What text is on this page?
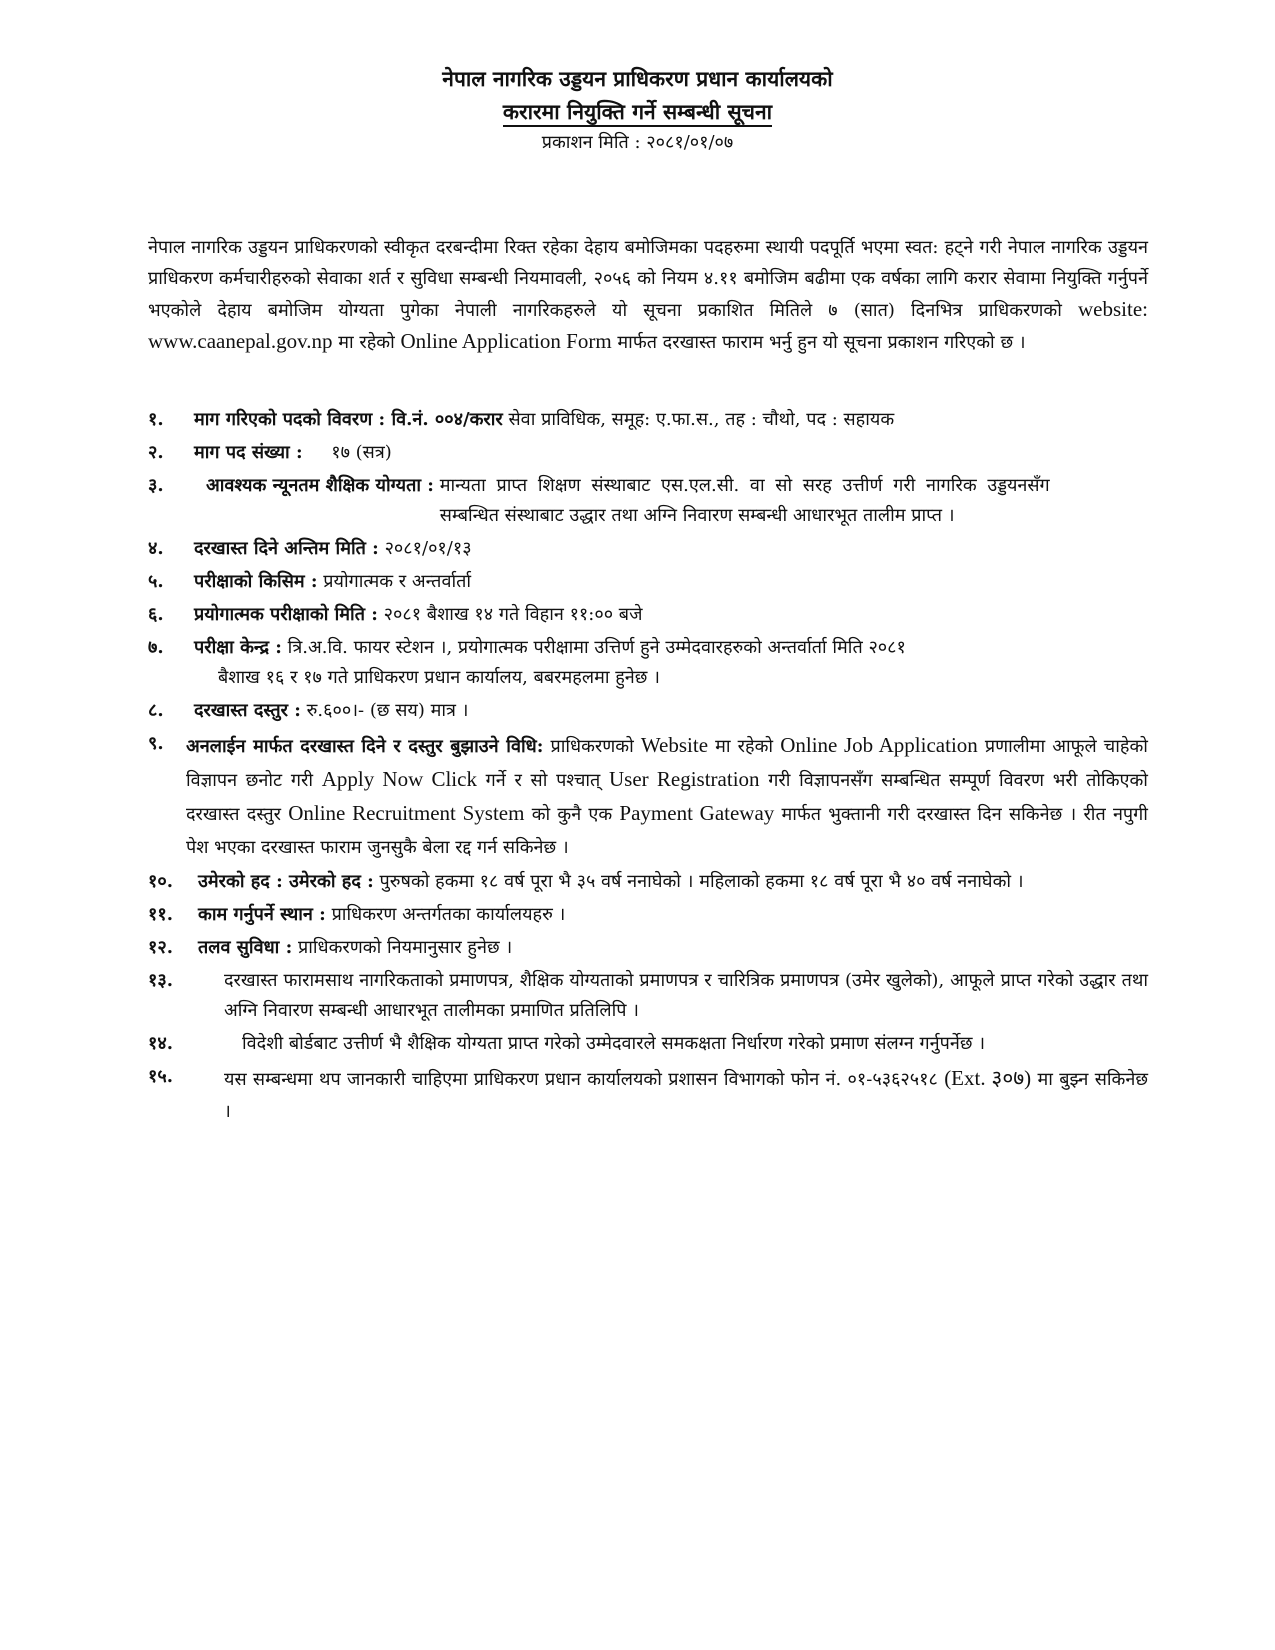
नेपाल नागरिक उड्डयन प्राधिकरण प्रधान कार्यालयको
करारमा नियुक्ति गर्ने सम्बन्धी सूचना
प्रकाशन मिति : २०८१/०१/०७
नेपाल नागरिक उड्डयन प्राधिकरणको स्वीकृत दरबन्दीमा रिक्त रहेका देहाय बमोजिमका पदहरुमा स्थायी पदपूर्ति भएमा स्वत: हट्ने गरी नेपाल नागरिक उड्डयन प्राधिकरण कर्मचारीहरुको सेवाका शर्त र सुविधा सम्बन्धी नियमावली, २०५६ को नियम ४.११ बमोजिम बढीमा एक वर्षका लागि करार सेवामा नियुक्ति गर्नुपर्ने भएकोले देहाय बमोजिम योग्यता पुगेका नेपाली नागरिकहरुले यो सूचना प्रकाशित मितिले ७ (सात) दिनभित्र प्राधिकरणको website: www.caanepal.gov.np मा रहेको Online Application Form मार्फत दरखास्त फाराम भर्नु हुन यो सूचना प्रकाशन गरिएको छ ।
१.	माग गरिएको पदको विवरण : वि.नं. ००४/करार सेवा प्राविधिक, समूह: ए.फा.स., तह : चौथो, पद : सहायक
२.	माग पद संख्या : १७ (सत्र)
३.	आवश्यक न्यूनतम शैक्षिक योग्यता : मान्यता प्राप्त शिक्षण संस्थाबाट एस.एल.सी. वा सो सरह उत्तीर्ण गरी नागरिक उड्डयनसँग सम्बन्धित संस्थाबाट उद्धार तथा अग्नि निवारण सम्बन्धी आधारभूत तालीम प्राप्त ।
४.	दरखास्त दिने अन्तिम मिति : २०८१/०१/१३
५.	परीक्षाको किसिम : प्रयोगात्मक र अन्तर्वार्ता
६.	प्रयोगात्मक परीक्षाको मिति : २०८१ बैशाख १४ गते विहान ११:०० बजे
७.	परीक्षा केन्द्र : त्रि.अ.वि. फायर स्टेशन ।, प्रयोगात्मक परीक्षामा उत्तिर्ण हुने उम्मेदवारहरुको अन्तर्वार्ता मिति २०८१
बैशाख १६ र १७ गते प्राधिकरण प्रधान कार्यालय, बबरमहलमा हुनेछ ।
८.	दरखास्त दस्तुर : रु.६००।- (छ सय) मात्र ।
९.	अनलाईन मार्फत दरखास्त दिने र दस्तुर बुझाउने विधि: प्राधिकरणको Website मा रहेको Online Job Application प्रणालीमा आफूले चाहेको विज्ञापन छनोट गरी Apply Now Click गर्ने र सो पश्चात् User Registration गरी विज्ञापनसँग सम्बन्धित सम्पूर्ण विवरण भरी तोकिएको दरखास्त दस्तुर Online Recruitment System को कुनै एक Payment Gateway मार्फत भुक्तानी गरी दरखास्त दिन सकिनेछ । रीत नपुगी पेश भएका दरखास्त फाराम जुनसुकै बेला रद्द गर्न सकिनेछ ।
१०.	उमेरको हद : उमेरको हद : पुरुषको हकमा १८ वर्ष पूरा भै ३५ वर्ष ननाघेको । महिलाको हकमा १८ वर्ष पूरा भै ४० वर्ष ननाघेको ।
११.	काम गर्नुपर्ने स्थान : प्राधिकरण अन्तर्गतका कार्यालयहरु ।
१२.	तलव सुविधा : प्राधिकरणको नियमानुसार हुनेछ ।
१३.	दरखास्त फारामसाथ नागरिकताको प्रमाणपत्र, शैक्षिक योग्यताको प्रमाणपत्र र चारित्रिक प्रमाणपत्र (उमेर खुलेको), आफूले प्राप्त गरेको उद्धार तथा अग्नि निवारण सम्बन्धी आधारभूत तालीमका प्रमाणित प्रतिलिपि ।
१४.	विदेशी बोर्डबाट उत्तीर्ण भै शैक्षिक योग्यता प्राप्त गरेको उम्मेदवारले समकक्षता निर्धारण गरेको प्रमाण संलग्न गर्नुपर्नेछ ।
१५.	यस सम्बन्धमा थप जानकारी चाहिएमा प्राधिकरण प्रधान कार्यालयको प्रशासन विभागको फोन नं. ०१-५३६२५१८ (Ext. ३०७) मा बुझ्न सकिनेछ ।
